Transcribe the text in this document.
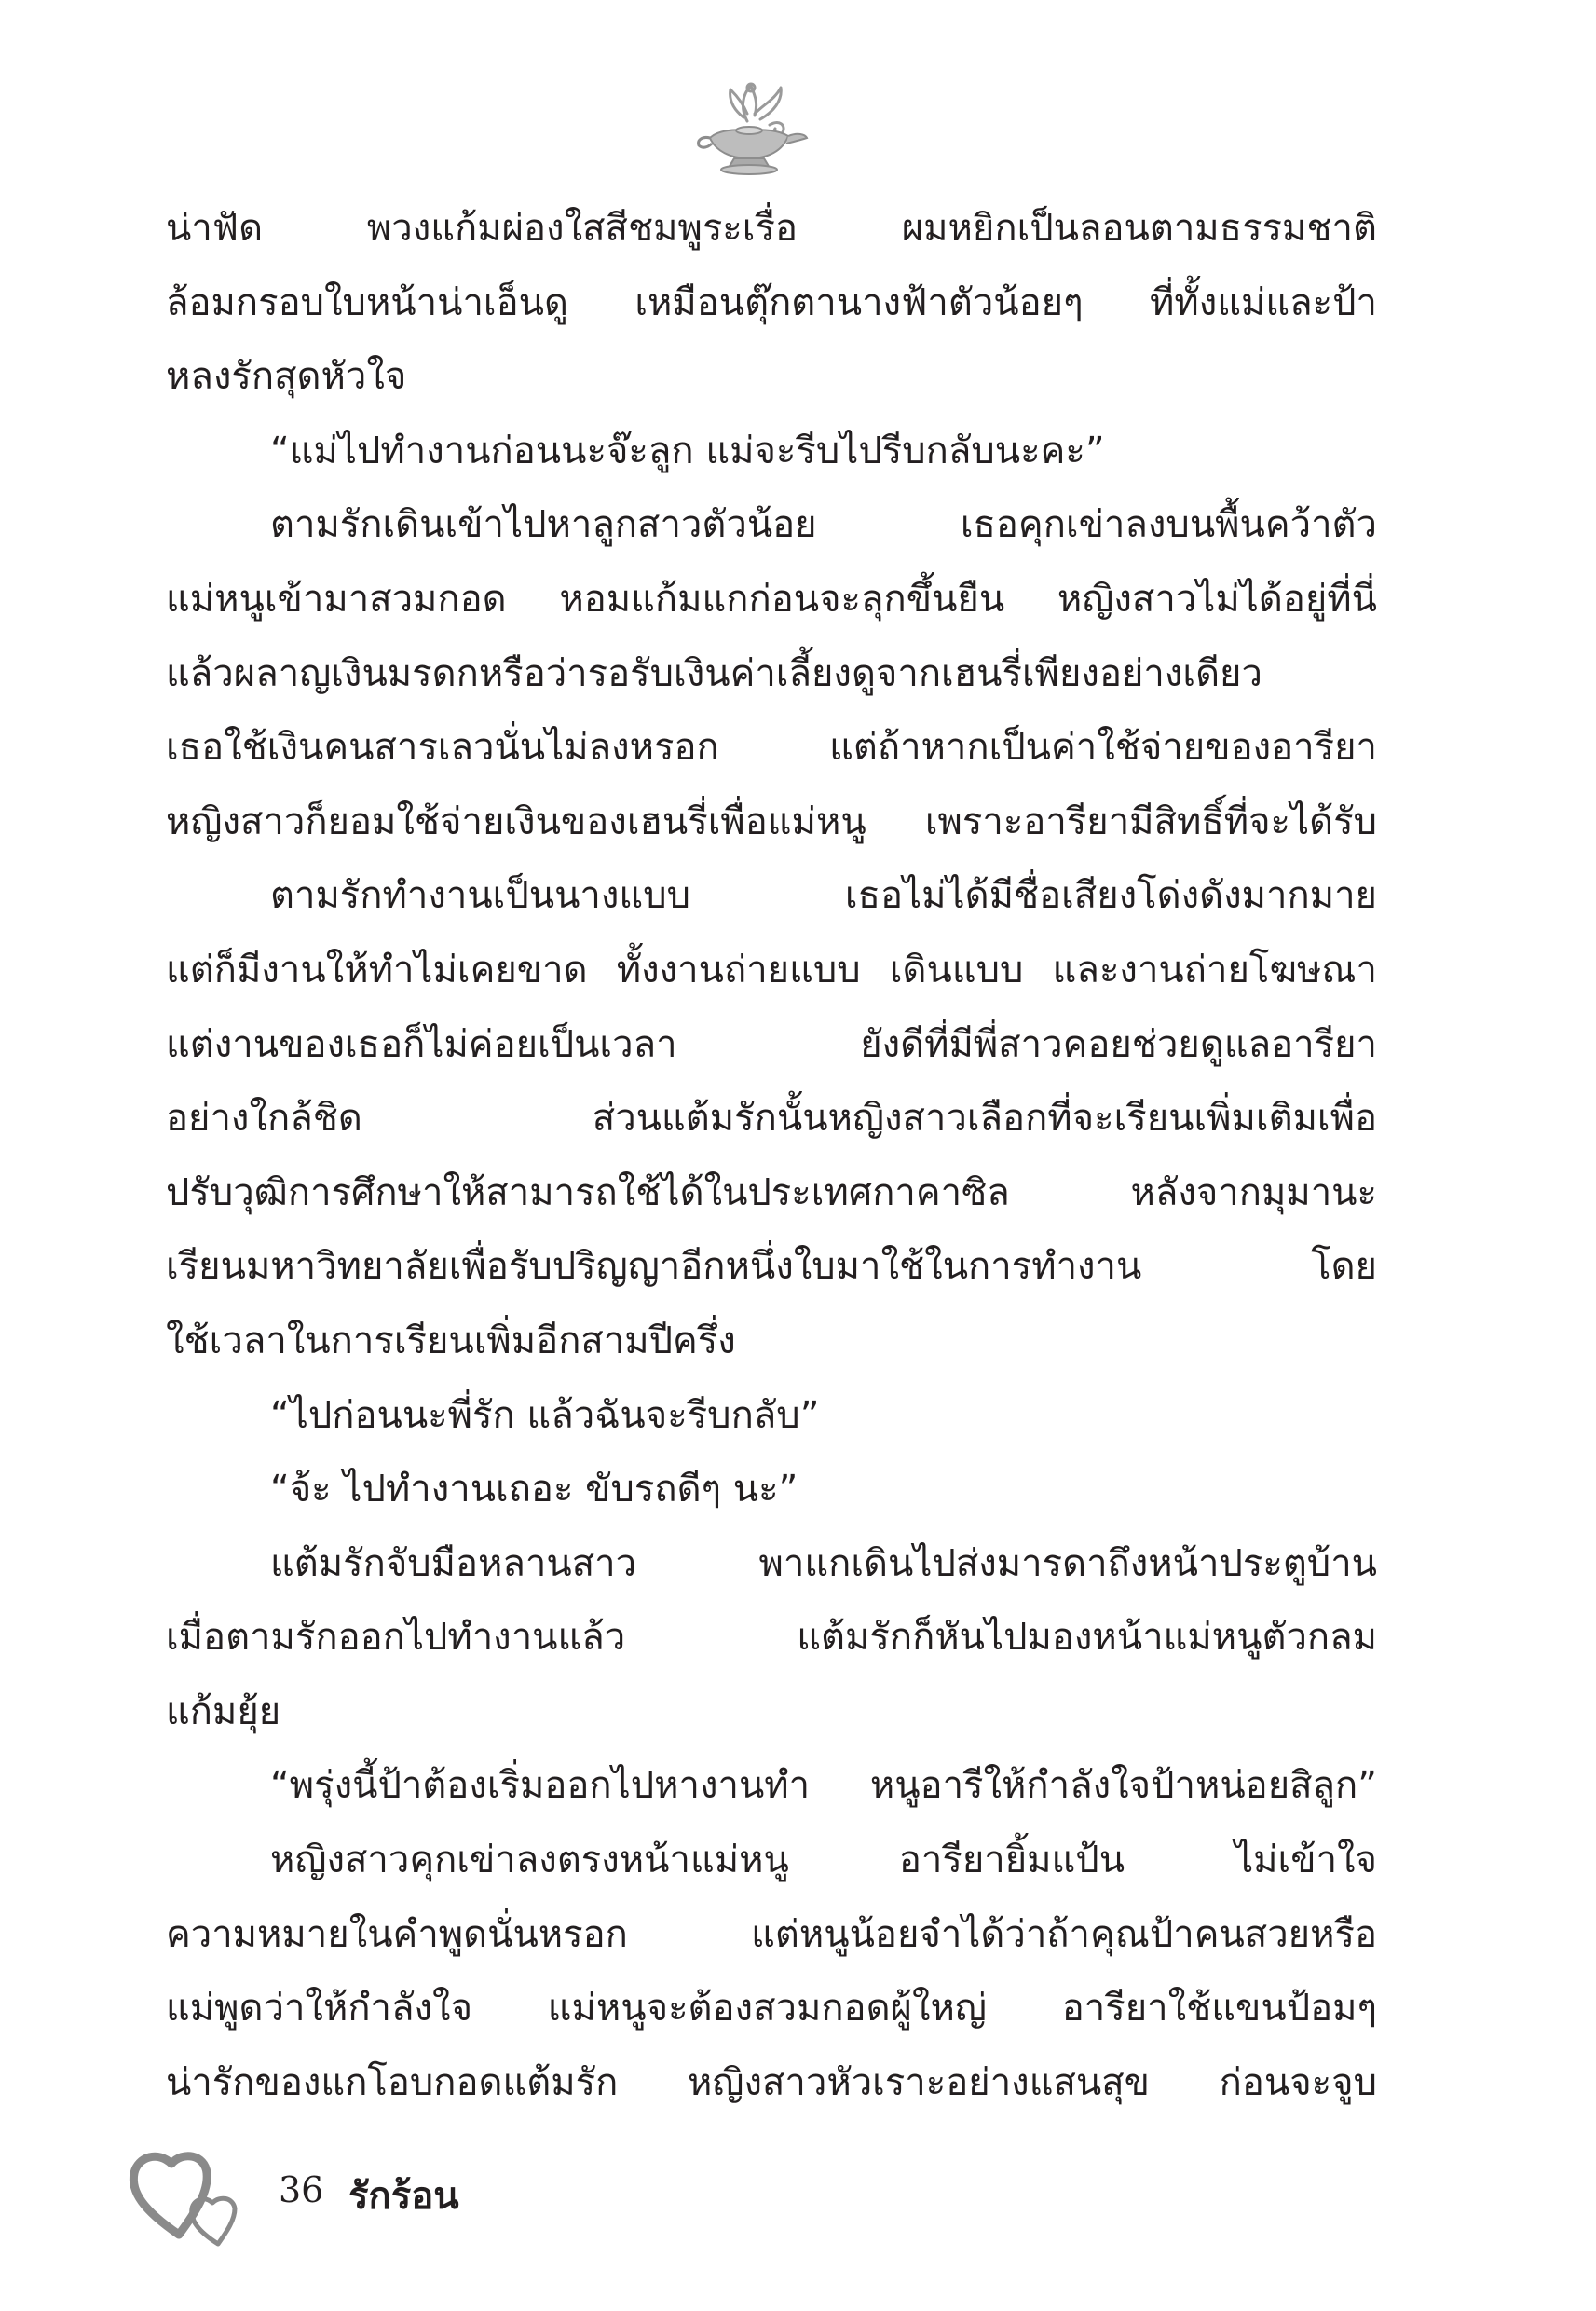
น่าฟัด พวงแก้มผ่องใสสีชมพูระเรื่อ ผมหยิกเป็นลอนตามธรรมชาติ
ล้อมกรอบใบหน้าน่าเอ็นดู เหมือนตุ๊กตานางฟ้าตัวน้อยๆ ที่ทั้งแม่และป้า
หลงรักสุดหัวใจ
“แม่ไปทำงานก่อนนะจ๊ะลูก แม่จะรีบไปรีบกลับนะคะ”
ตามรักเดินเข้าไปหาลูกสาวตัวน้อย เธอคุกเข่าลงบนพื้นคว้าตัว
แม่หนูเข้ามาสวมกอด หอมแก้มแกก่อนจะลุกขึ้นยืน หญิงสาวไม่ได้อยู่ที่นี่
แล้วผลาญเงินมรดกหรือว่ารอรับเงินค่าเลี้ยงดูจากเฮนรี่เพียงอย่างเดียว
เธอใช้เงินคนสารเลวนั่นไม่ลงหรอก แต่ถ้าหากเป็นค่าใช้จ่ายของอารียา
หญิงสาวก็ยอมใช้จ่ายเงินของเฮนรี่เพื่อแม่หนู เพราะอารียามีสิทธิ์ที่จะได้รับ
ตามรักทำงานเป็นนางแบบ เธอไม่ได้มีชื่อเสียงโด่งดังมากมาย
แต่ก็มีงานให้ทำไม่เคยขาด ทั้งงานถ่ายแบบ เดินแบบ และงานถ่ายโฆษณา
แต่งานของเธอก็ไม่ค่อยเป็นเวลา ยังดีที่มีพี่สาวคอยช่วยดูแลอารียา
อย่างใกล้ชิด ส่วนแต้มรักนั้นหญิงสาวเลือกที่จะเรียนเพิ่มเติมเพื่อ
ปรับวุฒิการศึกษาให้สามารถใช้ได้ในประเทศกาคาซิล หลังจากมุมานะ
เรียนมหาวิทยาลัยเพื่อรับปริญญาอีกหนึ่งใบมาใช้ในการทำงาน โดย
ใช้เวลาในการเรียนเพิ่มอีกสามปีครึ่ง
“ไปก่อนนะพี่รัก แล้วฉันจะรีบกลับ”
“จ้ะ ไปทำงานเถอะ ขับรถดีๆ นะ”
แต้มรักจับมือหลานสาว พาแกเดินไปส่งมารดาถึงหน้าประตูบ้าน
เมื่อตามรักออกไปทำงานแล้ว แต้มรักก็หันไปมองหน้าแม่หนูตัวกลม
แก้มยุ้ย
“พรุ่งนี้ป้าต้องเริ่มออกไปหางานทำ หนูอารีให้กำลังใจป้าหน่อยสิลูก”
หญิงสาวคุกเข่าลงตรงหน้าแม่หนู อารียายิ้มแป้น ไม่เข้าใจ
ความหมายในคำพูดนั่นหรอก แต่หนูน้อยจำได้ว่าถ้าคุณป้าคนสวยหรือ
แม่พูดว่าให้กำลังใจ แม่หนูจะต้องสวมกอดผู้ใหญ่ อารียาใช้แขนป้อมๆ
น่ารักของแกโอบกอดแต้มรัก หญิงสาวหัวเราะอย่างแสนสุข ก่อนจะจูบ
36 รักร้อน
